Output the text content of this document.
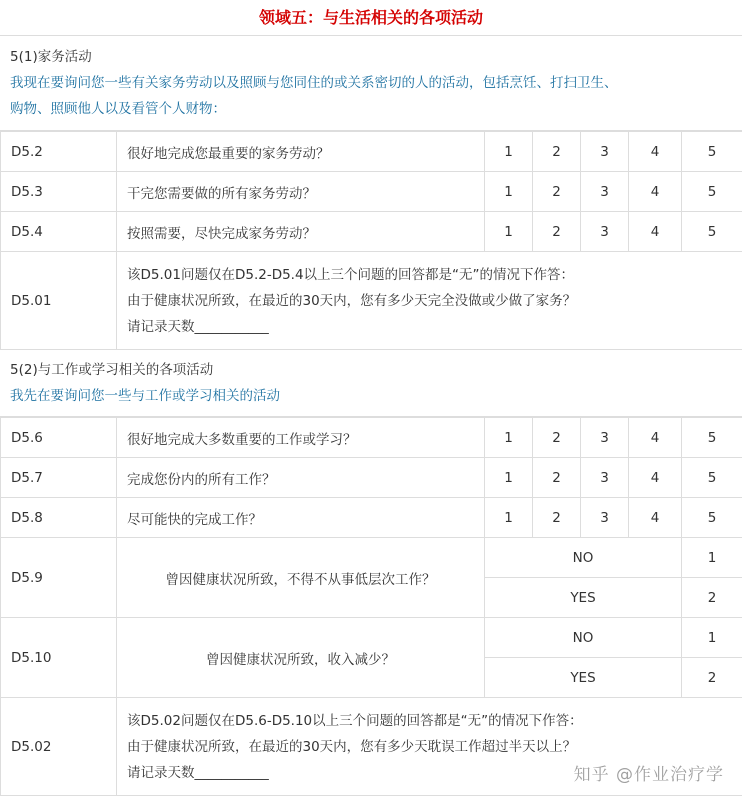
领域五：与生活相关的各项活动
5(1)家务活动
我现在要询问您一些有关家务劳动以及照顾与您同住的或关系密切的人的活动，包括烹饪、打扫卫生、
购物、照顾他人以及看管个人财物：
D5.2	很好地完成您最重要的家务劳动？	1	2	3	4	5
D5.3	干完您需要做的所有家务劳动？	1	2	3	4	5
D5.4	按照需要，尽快完成家务劳动？	1	2	3	4	5
D5.01	该D5.01问题仅在D5.2-D5.4以上三个问题的回答都是“无”的情况下作答：
由于健康状况所致，在最近的30天内，您有多少天完全没做或少做了家务？
请记录天数___________					
5(2)与工作或学习相关的各项活动
我先在要询问您一些与工作或学习相关的活动
D5.6	很好地完成大多数重要的工作或学习？	1	2	3	4	5
D5.7	完成您份内的所有工作？	1	2	3	4	5
D5.8	尽可能快的完成工作？	1	2	3	4	5
D5.9	曾因健康状况所致，不得不从事低层次工作？	NO				1
		YES				2
D5.10	曾因健康状况所致，收入减少？	NO				1
		YES				2
D5.02	该D5.02问题仅在D5.6-D5.10以上三个问题的回答都是“无”的情况下作答：
由于健康状况所致，在最近的30天内，您有多少天耽误工作超过半天以上？
请记录天数___________						知乎 @作业治疗学
